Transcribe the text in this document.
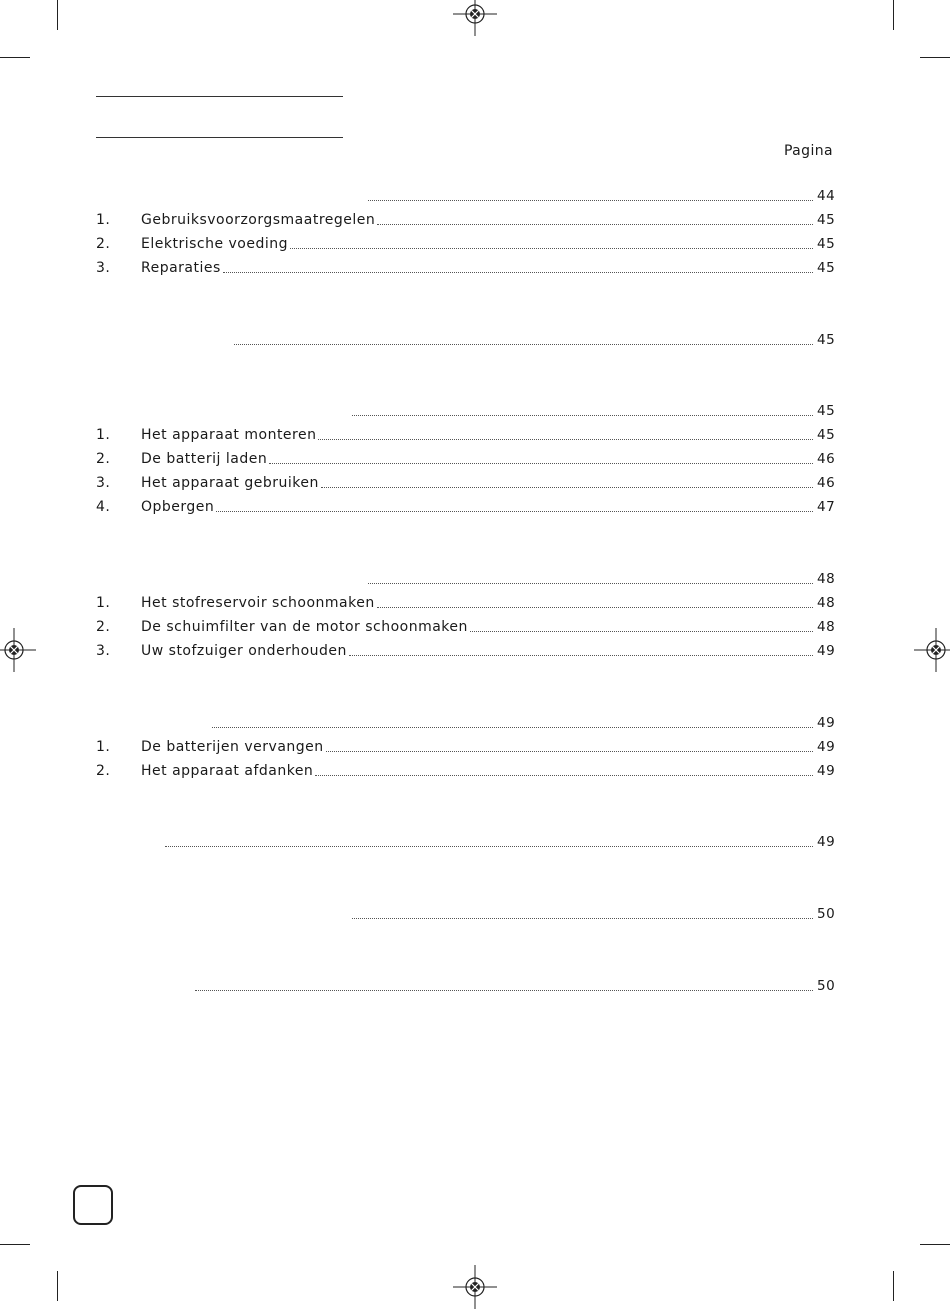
Pagina
44
1.	Gebruiksvoorzorgsmaatregelen	45
2.	Elektrische voeding	45
3.	Reparaties	45
45
45
1.	Het apparaat monteren	45
2.	De batterij laden	46
3.	Het apparaat gebruiken	46
4.	Opbergen	47
48
1.	Het stofreservoir schoonmaken	48
2.	De schuimfilter van de motor schoonmaken	48
3.	Uw stofzuiger onderhouden	49
49
1.	De batterijen vervangen	49
2.	Het apparaat afdanken	49
49
50
50
